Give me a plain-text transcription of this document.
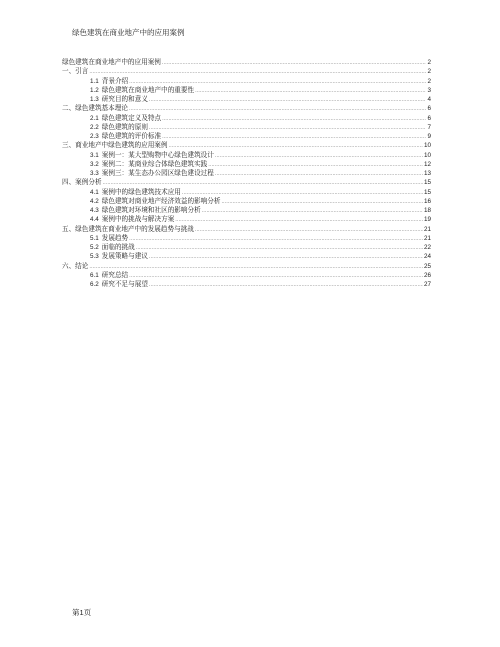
绿色建筑在商业地产中的应用案例
绿色建筑在商业地产中的应用案例 .....	2
一、引言 .....	2
1.1 背景介绍 .....	2
1.2 绿色建筑在商业地产中的重要性 .....	3
1.3 研究目的和意义 .....	4
二、绿色建筑基本理论 .....	6
2.1 绿色建筑定义及特点 .....	6
2.2 绿色建筑的原则 .....	7
2.3 绿色建筑的评价标准 .....	9
三、商业地产中绿色建筑的应用案例 .....	10
3.1 案例一：某大型购物中心绿色建筑设计 .....	10
3.2 案例二：某商业综合体绿色建筑实践 .....	12
3.3 案例三：某生态办公园区绿色建设过程 .....	13
四、案例分析 .....	15
4.1 案例中的绿色建筑技术应用 .....	15
4.2 绿色建筑对商业地产经济效益的影响分析 .....	16
4.3 绿色建筑对环境和社区的影响分析 .....	18
4.4 案例中的挑战与解决方案 .....	19
五、绿色建筑在商业地产中的发展趋势与挑战 .....	21
5.1 发展趋势 .....	21
5.2 面临的挑战 .....	22
5.3 发展策略与建议 .....	24
六、结论 .....	25
6.1 研究总结 .....	26
6.2 研究不足与展望 .....	27
第1页
